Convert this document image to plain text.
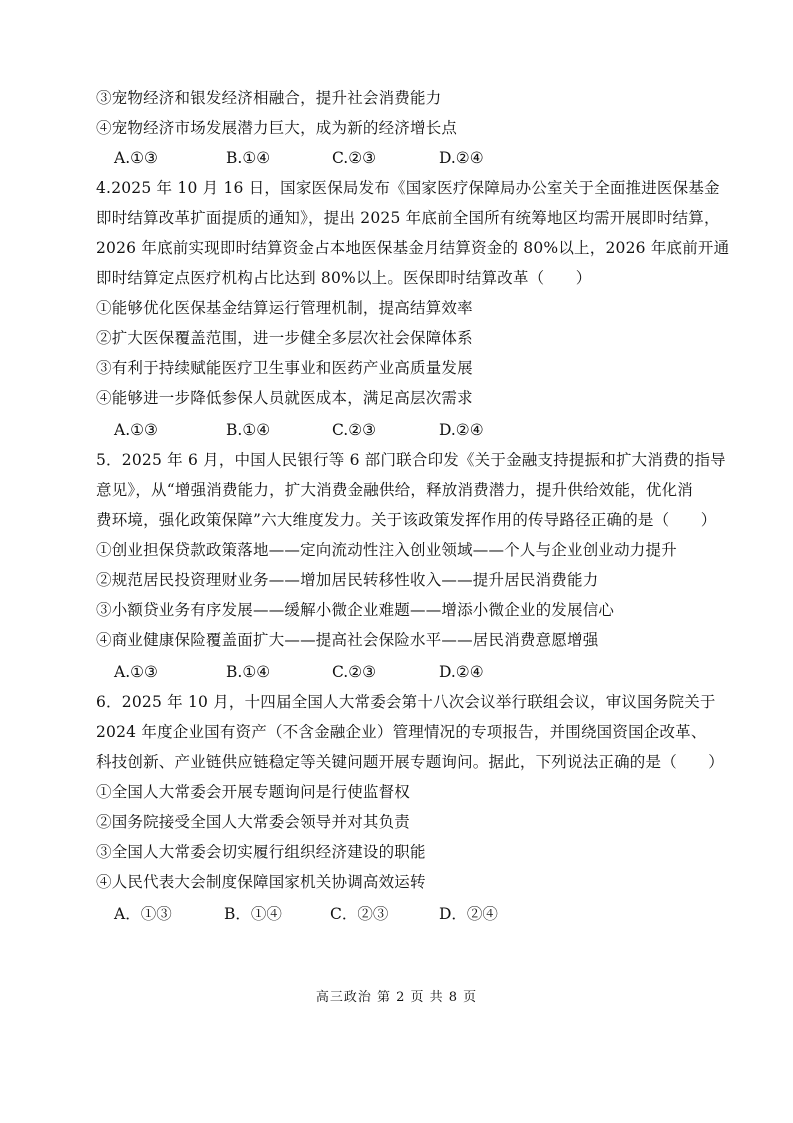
③宠物经济和银发经济相融合，提升社会消费能力
④宠物经济市场发展潜力巨大，成为新的经济增长点
A.①③	B.①④	C.②③	D.②④
4.2025 年 10 月 16 日，国家医保局发布《国家医疗保障局办公室关于全面推进医保基金
即时结算改革扩面提质的通知》，提出 2025 年底前全国所有统筹地区均需开展即时结算，
2026 年底前实现即时结算资金占本地医保基金月结算资金的 80%以上，2026 年底前开通
即时结算定点医疗机构占比达到 80%以上。医保即时结算改革（　　）
①能够优化医保基金结算运行管理机制，提高结算效率
②扩大医保覆盖范围，进一步健全多层次社会保障体系
③有利于持续赋能医疗卫生事业和医药产业高质量发展
④能够进一步降低参保人员就医成本，满足高层次需求
A.①③	B.①④	C.②③	D.②④
5．2025 年 6 月，中国人民银行等 6 部门联合印发《关于金融支持提振和扩大消费的指导
意见》，从“增强消费能力，扩大消费金融供给，释放消费潜力，提升供给效能，优化消
费环境，强化政策保障”六大维度发力。关于该政策发挥作用的传导路径正确的是（　　）
①创业担保贷款政策落地——定向流动性注入创业领域——个人与企业创业动力提升
②规范居民投资理财业务——增加居民转移性收入——提升居民消费能力
③小额贷业务有序发展——缓解小微企业难题——增添小微企业的发展信心
④商业健康保险覆盖面扩大——提高社会保险水平——居民消费意愿增强
A.①③	B.①④	C.②③	D.②④
6．2025 年 10 月，十四届全国人大常委会第十八次会议举行联组会议，审议国务院关于
2024 年度企业国有资产（不含金融企业）管理情况的专项报告，并围绕国资国企改革、
科技创新、产业链供应链稳定等关键问题开展专题询问。据此，下列说法正确的是（　　）
①全国人大常委会开展专题询问是行使监督权
②国务院接受全国人大常委会领导并对其负责
③全国人大常委会切实履行组织经济建设的职能
④人民代表大会制度保障国家机关协调高效运转
A．①③	B．①④	C．②③	D．②④
高三政治 第 2 页 共 8 页
